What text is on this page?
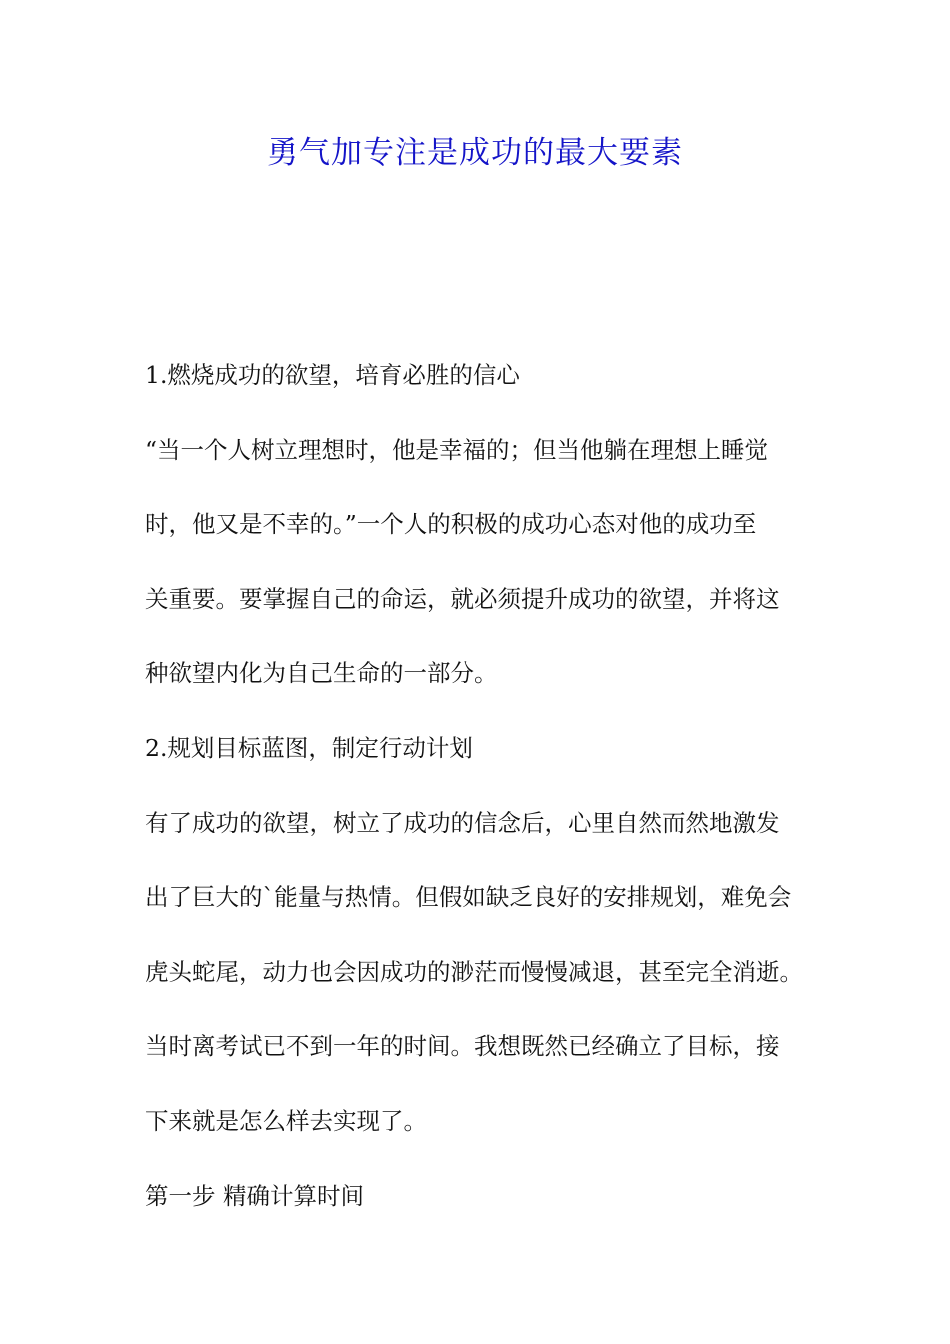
勇气加专注是成功的最大要素
1.燃烧成功的欲望，培育必胜的信心
“当一个人树立理想时，他是幸福的；但当他躺在理想上睡觉
时，他又是不幸的。”一个人的积极的成功心态对他的成功至
关重要。要掌握自己的命运，就必须提升成功的欲望，并将这
种欲望内化为自己生命的一部分。
2.规划目标蓝图，制定行动计划
有了成功的欲望，树立了成功的信念后，心里自然而然地激发
出了巨大的`能量与热情。但假如缺乏良好的安排规划，难免会
虎头蛇尾，动力也会因成功的渺茫而慢慢减退，甚至完全消逝。
当时离考试已不到一年的时间。我想既然已经确立了目标，接
下来就是怎么样去实现了。
第一步 精确计算时间
